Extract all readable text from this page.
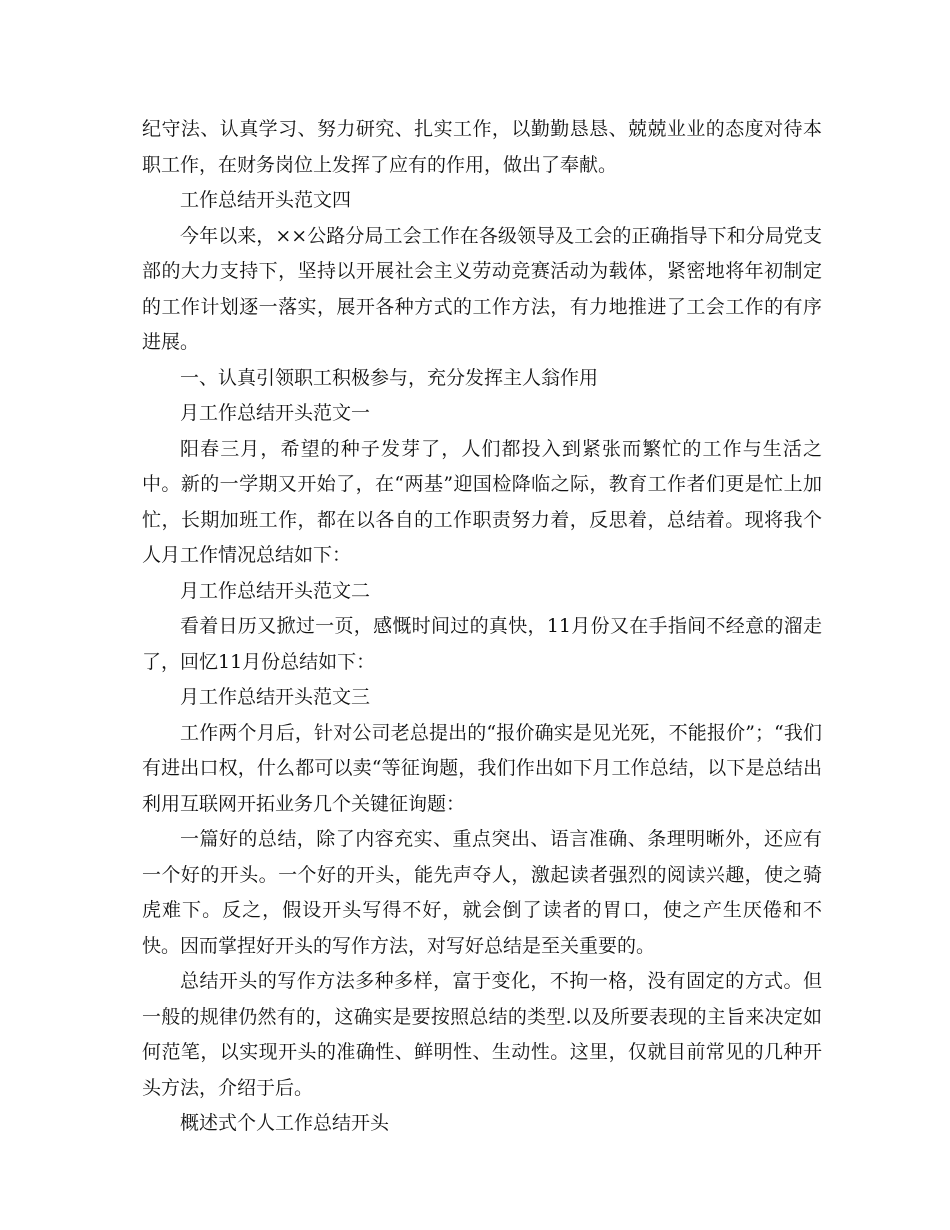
纪守法、认真学习、努力研究、扎实工作，以勤勤恳恳、兢兢业业的态度对待本职工作，在财务岗位上发挥了应有的作用，做出了奉献。

工作总结开头范文四

今年以来，××公路分局工会工作在各级领导及工会的正确指导下和分局党支部的大力支持下，坚持以开展社会主义劳动竞赛活动为载体，紧密地将年初制定的工作计划逐一落实，展开各种方式的工作方法，有力地推进了工会工作的有序进展。

一、认真引领职工积极参与，充分发挥主人翁作用

月工作总结开头范文一

阳春三月，希望的种子发芽了，人们都投入到紧张而繁忙的工作与生活之中。新的一学期又开始了，在“两基”迎国检降临之际，教育工作者们更是忙上加忙，长期加班工作，都在以各自的工作职责努力着，反思着，总结着。现将我个人月工作情况总结如下：

月工作总结开头范文二

看着日历又掀过一页，感慨时间过的真快，11月份又在手指间不经意的溜走了，回忆11月份总结如下：

月工作总结开头范文三

工作两个月后，针对公司老总提出的“报价确实是见光死，不能报价”；“我们有进出口权，什么都可以卖“等征询题，我们作出如下月工作总结，以下是总结出利用互联网开拓业务几个关键征询题：

一篇好的总结，除了内容充实、重点突出、语言准确、条理明晰外，还应有一个好的开头。一个好的开头，能先声夺人，激起读者强烈的阅读兴趣，使之骑虎难下。反之，假设开头写得不好，就会倒了读者的胃口，使之产生厌倦和不快。因而掌捏好开头的写作方法，对写好总结是至关重要的。

总结开头的写作方法多种多样，富于变化，不拘一格，没有固定的方式。但一般的规律仍然有的，这确实是要按照总结的类型.以及所要表现的主旨来决定如何范笔，以实现开头的准确性、鲜明性、生动性。这里，仅就目前常见的几种开头方法，介绍于后。

概述式个人工作总结开头
